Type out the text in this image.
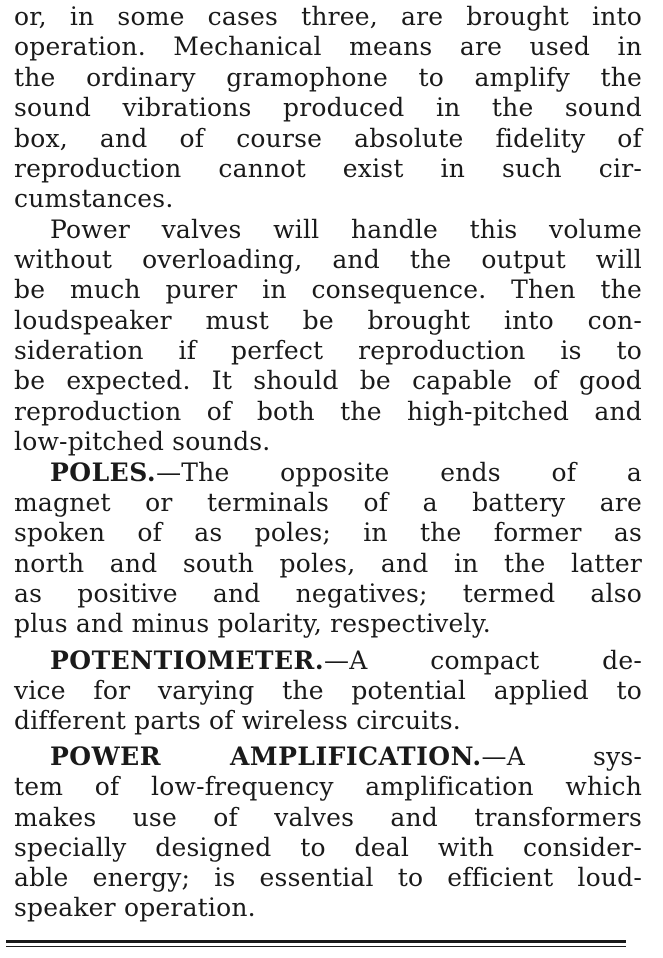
or, in some cases three, are brought into
operation. Mechanical means are used in
the ordinary gramophone to amplify the
sound vibrations produced in the sound
box, and of course absolute fidelity of
reproduction cannot exist in such cir-
cumstances.
Power valves will handle this volume
without overloading, and the output will
be much purer in consequence. Then the
loudspeaker must be brought into con-
sideration if perfect reproduction is to
be expected. It should be capable of good
reproduction of both the high-pitched and
low-pitched sounds.
POLES.—The opposite ends of a
magnet or terminals of a battery are
spoken of as poles; in the former as
north and south poles, and in the latter
as positive and negatives; termed also
plus and minus polarity, respectively.
POTENTIOMETER.—A compact de-
vice for varying the potential applied to
different parts of wireless circuits.
POWER AMPLIFICATION.—A sys-
tem of low-frequency amplification which
makes use of valves and transformers
specially designed to deal with consider-
able energy; is essential to efficient loud-
speaker operation.
